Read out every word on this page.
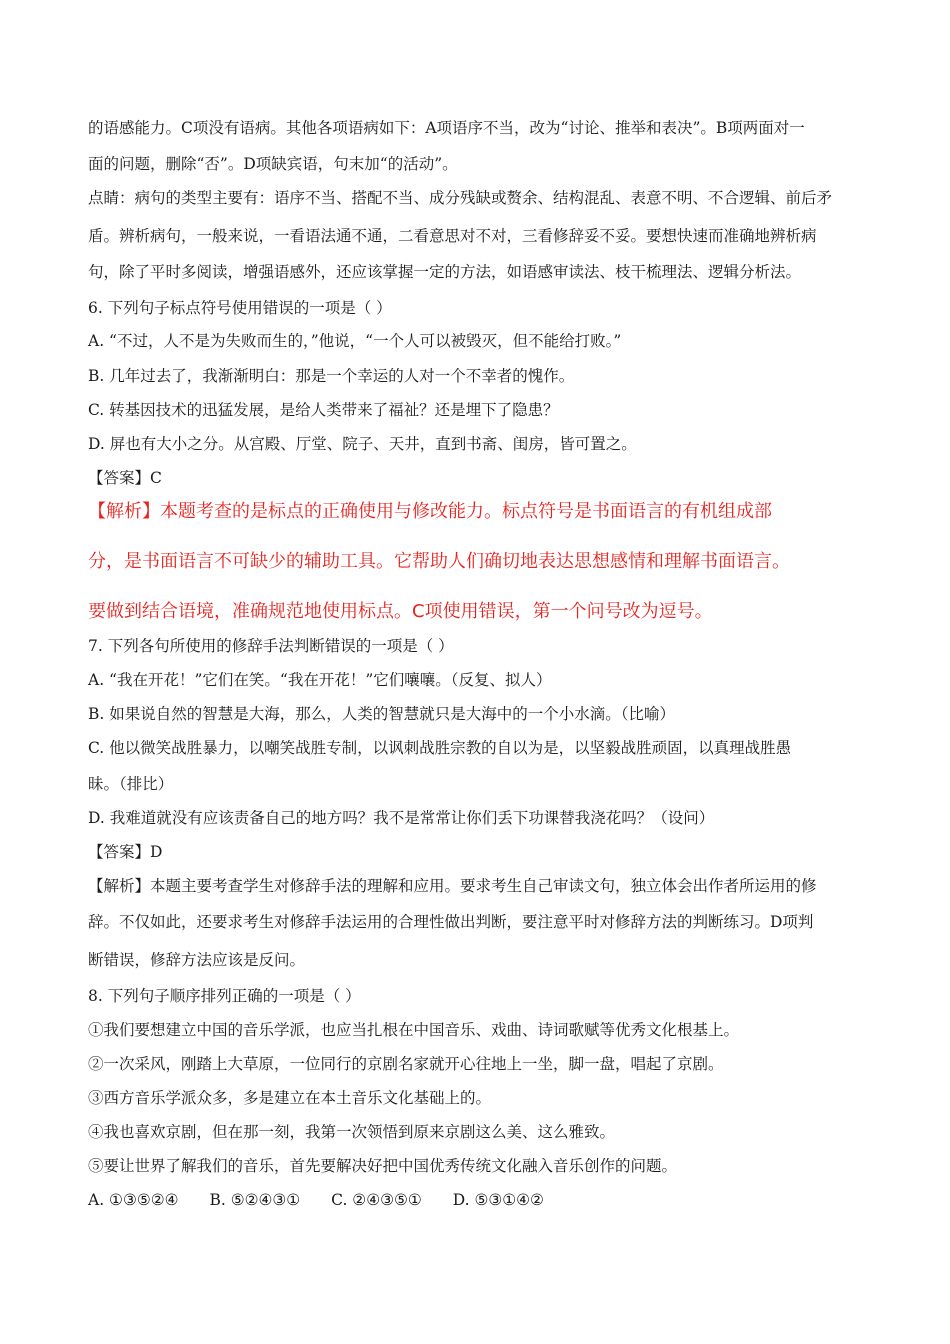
的语感能力。C项没有语病。其他各项语病如下：A项语序不当，改为“讨论、推举和表决”。B项两面对一
面的问题，删除“否”。D项缺宾语，句末加“的活动”。
点睛：病句的类型主要有：语序不当、搭配不当、成分残缺或赘余、结构混乱、表意不明、不合逻辑、前后矛
盾。辨析病句，一般来说，一看语法通不通，二看意思对不对，三看修辞妥不妥。要想快速而准确地辨析病
句，除了平时多阅读，增强语感外，还应该掌握一定的方法，如语感审读法、枝干梳理法、逻辑分析法。
6. 下列句子标点符号使用错误的一项是（ ）
A. “不过，人不是为失败而生的，”他说，“一个人可以被毁灭，但不能给打败。”
B. 几年过去了，我渐渐明白：那是一个幸运的人对一个不幸者的愧作。
C. 转基因技术的迅猛发展，是给人类带来了福祉？还是埋下了隐患？
D. 屏也有大小之分。从宫殿、厅堂、院子、天井，直到书斋、闺房，皆可置之。
【答案】C
【解析】本题考查的是标点的正确使用与修改能力。标点符号是书面语言的有机组成部
分，是书面语言不可缺少的辅助工具。它帮助人们确切地表达思想感情和理解书面语言。
要做到结合语境，准确规范地使用标点。C项使用错误，第一个问号改为逗号。
7. 下列各句所使用的修辞手法判断错误的一项是（ ）
A. “我在开花！”它们在笑。“我在开花！”它们嚷嚷。（反复、拟人）
B. 如果说自然的智慧是大海，那么，人类的智慧就只是大海中的一个小水滴。（比喻）
C. 他以微笑战胜暴力，以嘲笑战胜专制，以讽刺战胜宗教的自以为是，以坚毅战胜顽固，以真理战胜愚
昧。（排比）
D. 我难道就没有应该责备自己的地方吗？我不是常常让你们丢下功课替我浇花吗？（设问）
【答案】D
【解析】本题主要考查学生对修辞手法的理解和应用。要求考生自己审读文句，独立体会出作者所运用的修
辞。不仅如此，还要求考生对修辞手法运用的合理性做出判断，要注意平时对修辞方法的判断练习。D项判
断错误，修辞方法应该是反问。
8. 下列句子顺序排列正确的一项是（ ）
①我们要想建立中国的音乐学派，也应当扎根在中国音乐、戏曲、诗词歌赋等优秀文化根基上。
②一次采风，刚踏上大草原，一位同行的京剧名家就开心往地上一坐，脚一盘，唱起了京剧。
③西方音乐学派众多，多是建立在本土音乐文化基础上的。
④我也喜欢京剧，但在那一刻，我第一次领悟到原来京剧这么美、这么雅致。
⑤要让世界了解我们的音乐，首先要解决好把中国优秀传统文化融入音乐创作的问题。
A. ①③⑤②④ B. ⑤②④③① C. ②④③⑤① D. ⑤③①④②
